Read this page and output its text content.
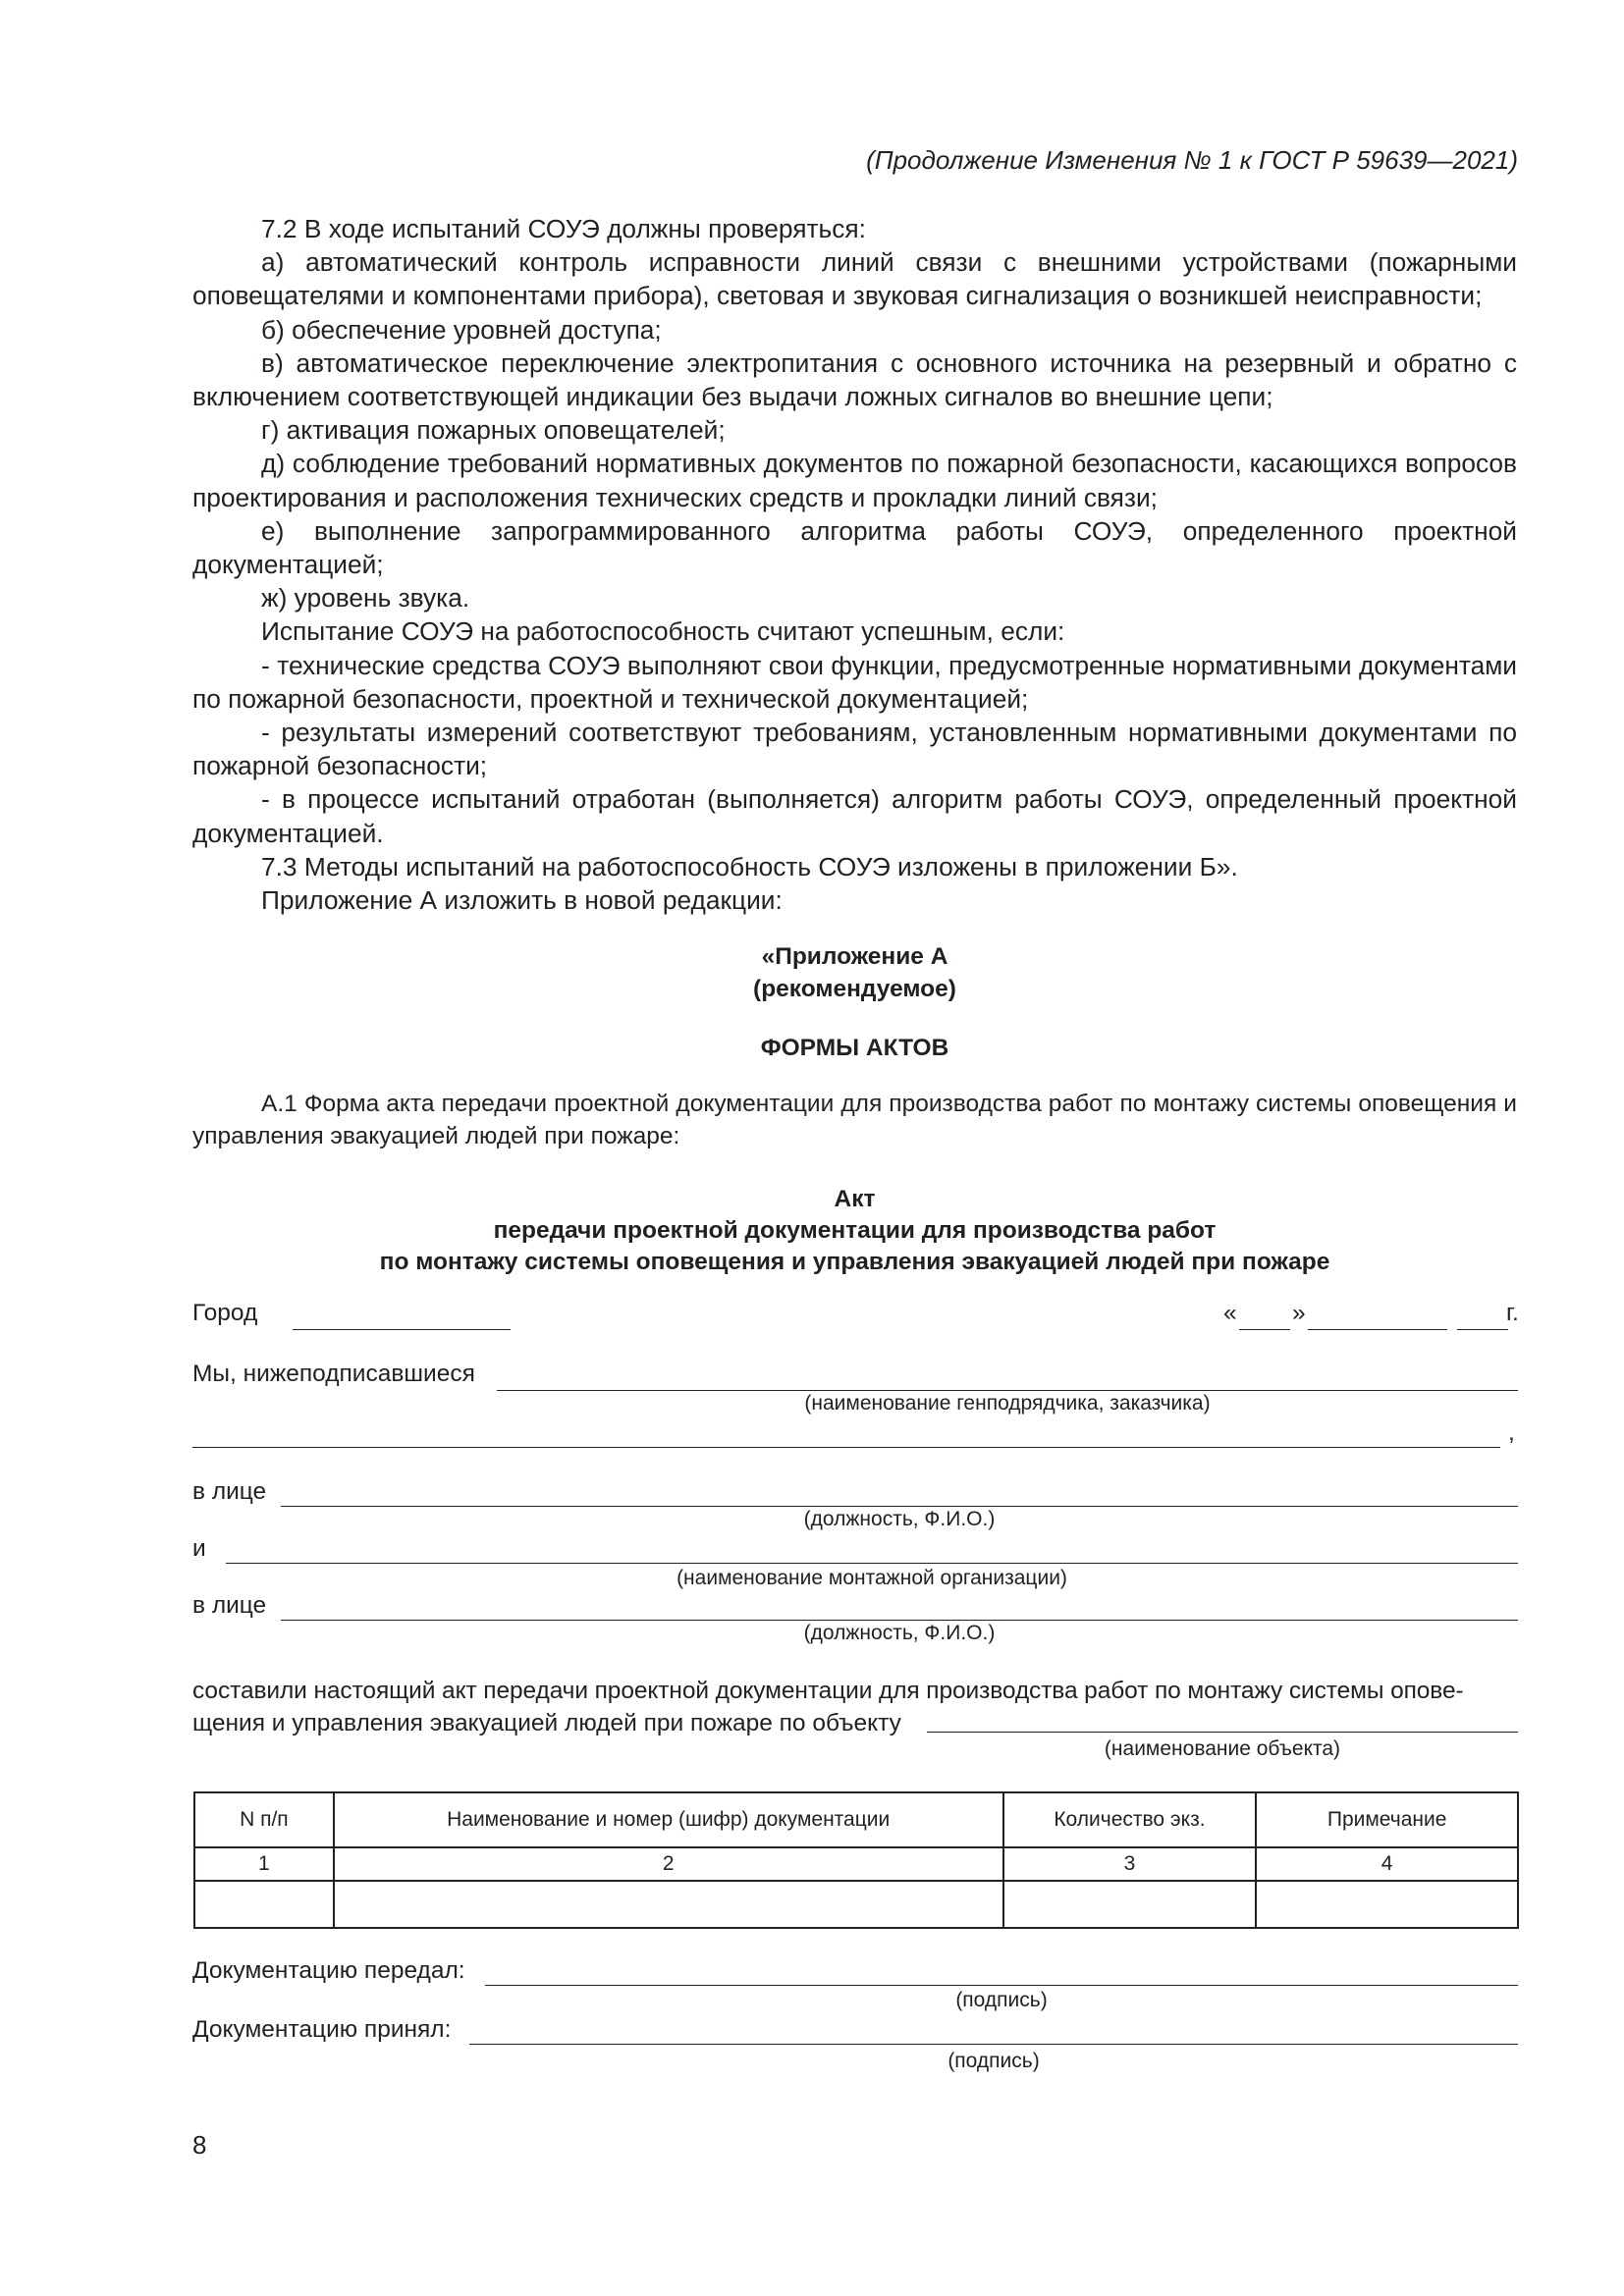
(Продолжение Изменения № 1 к ГОСТ Р 59639—2021)

7.2 В ходе испытаний СОУЭ должны проверяться:

а) автоматический контроль исправности линий связи с внешними устройствами (пожарными оповещателями и компонентами прибора), световая и звуковая сигнализация о возникшей неисправности;

б) обеспечение уровней доступа;

в) автоматическое переключение электропитания с основного источника на резервный и обратно с включением соответствующей индикации без выдачи ложных сигналов во внешние цепи;

г) активация пожарных оповещателей;

д) соблюдение требований нормативных документов по пожарной безопасности, касающихся вопросов проектирования и расположения технических средств и прокладки линий связи;

е) выполнение запрограммированного алгоритма работы СОУЭ, определенного проектной документацией;

ж) уровень звука.

Испытание СОУЭ на работоспособность считают успешным, если:

- технические средства СОУЭ выполняют свои функции, предусмотренные нормативными документами по пожарной безопасности, проектной и технической документацией;

- результаты измерений соответствуют требованиям, установленным нормативными документами по пожарной безопасности;

- в процессе испытаний отработан (выполняется) алгоритм работы СОУЭ, определенный проектной документацией.

7.3 Методы испытаний на работоспособность СОУЭ изложены в приложении Б».

Приложение А изложить в новой редакции:

«Приложение А
(рекомендуемое)
ФОРМЫ АКТОВ

А.1 Форма акта передачи проектной документации для производства работ по монтажу системы оповещения и управления эвакуацией людей при пожаре:

Акт
передачи проектной документации для производства работ
по монтажу системы оповещения и управления эвакуацией людей при пожаре
Город	« »	г.
Мы, нижеподписавшиеся
(наименование генподрядчика, заказчика)
,
в лице
(должность, Ф.И.О.)
и
(наименование монтажной организации)
в лице
(должность, Ф.И.О.)
составили настоящий акт передачи проектной документации для производства работ по монтажу системы опове-
щения и управления эвакуацией людей при пожаре по объекту
(наименование объекта)
N п/п	Наименование и номер (шифр) документации	Количество экз.	Примечание
1	2	3	4

Документацию передал:
(подпись)
Документацию принял:
(подпись)
8
